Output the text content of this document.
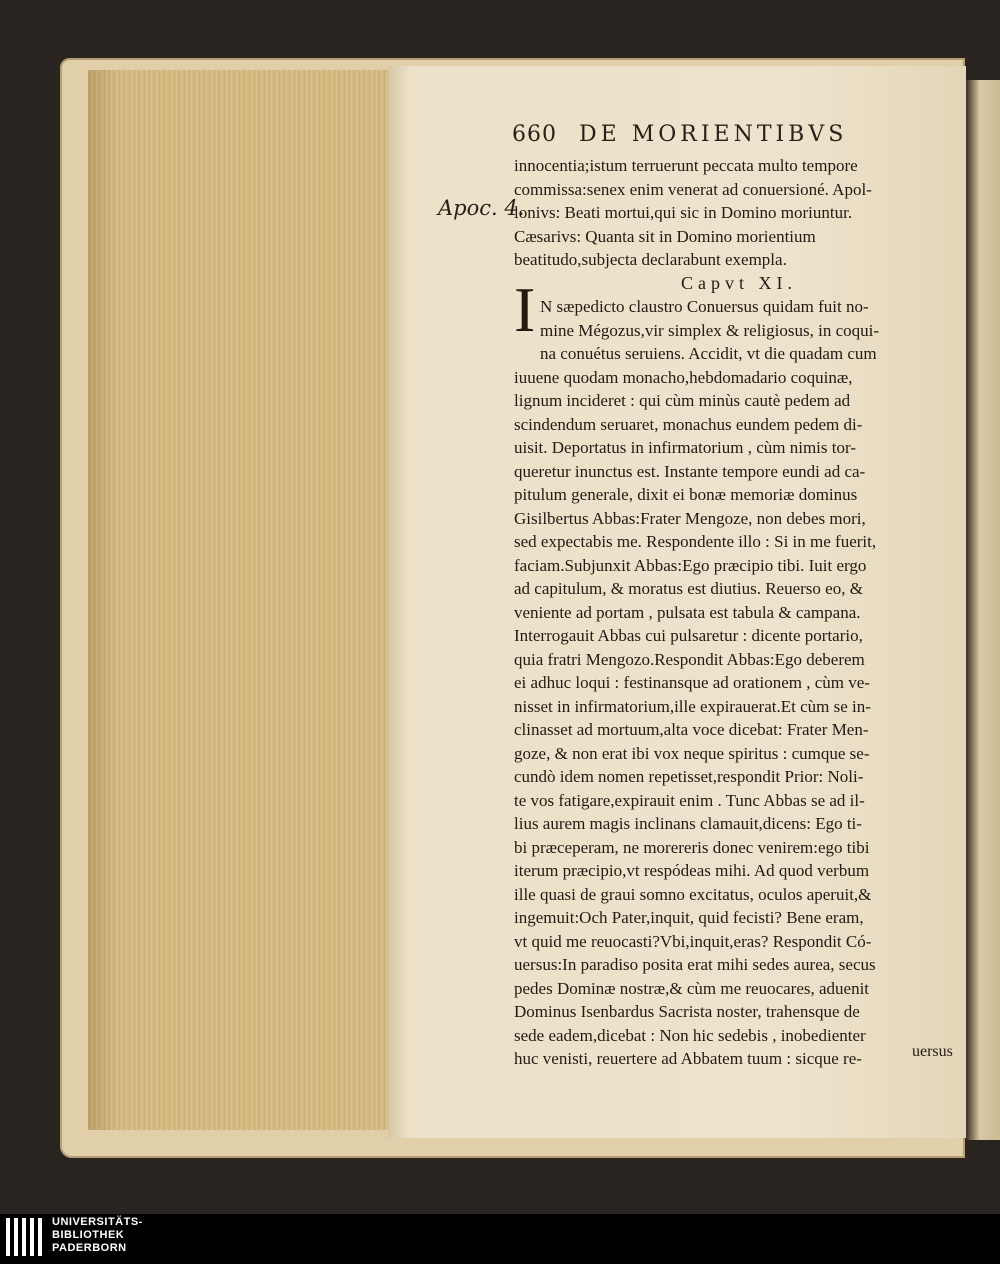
660 DE MORIENTIBVS
Apoc. 4.
innocentia;istum terruerunt peccata multo tempore
commissa:senex enim venerat ad conuersioné. Apol-
lonivs: Beati mortui,qui sic in Domino moriuntur.
Cæsarivs: Quanta sit in Domino morientium
beatitudo,subjecta declarabunt exempla.
Capvt XI.
N sæpedicto claustro Conuersus quidam fuit no-
mine Mégozus,vir simplex & religiosus, in coqui-
na conuétus seruiens. Accidit, vt die quadam cum
iuuene quodam monacho,hebdomadario coquinæ,
lignum incideret : qui cùm minùs cautè pedem ad
scindendum seruaret, monachus eundem pedem di-
uisit. Deportatus in infirmatorium , cùm nimis tor-
queretur inunctus est. Instante tempore eundi ad ca-
pitulum generale, dixit ei bonæ memoriæ dominus
Gisilbertus Abbas:Frater Mengoze, non debes mori,
sed expectabis me. Respondente illo : Si in me fuerit,
faciam.Subjunxit Abbas:Ego præcipio tibi. Iuit ergo
ad capitulum, & moratus est diutius. Reuerso eo, &
veniente ad portam , pulsata est tabula & campana.
Interrogauit Abbas cui pulsaretur : dicente portario,
quia fratri Mengozo.Respondit Abbas:Ego deberem
ei adhuc loqui : festinansque ad orationem , cùm ve-
nisset in infirmatorium,ille expirauerat.Et cùm se in-
clinasset ad mortuum,alta voce dicebat: Frater Men-
goze, & non erat ibi vox neque spiritus : cumque se-
cundò idem nomen repetisset,respondit Prior: Noli-
te vos fatigare,expirauit enim . Tunc Abbas se ad il-
lius aurem magis inclinans clamauit,dicens: Ego ti-
bi præceperam, ne morereris donec venirem:ego tibi
iterum præcipio,vt respódeas mihi. Ad quod verbum
ille quasi de graui somno excitatus, oculos aperuit,&
ingemuit:Och Pater,inquit, quid fecisti? Bene eram,
vt quid me reuocasti?Vbi,inquit,eras? Respondit Có-
uersus:In paradiso posita erat mihi sedes aurea, secus
pedes Dominæ nostræ,& cùm me reuocares, aduenit
Dominus Isenbardus Sacrista noster, trahensque de
sede eadem,dicebat : Non hic sedebis , inobedienter
huc venisti, reuertere ad Abbatem tuum : sicque re-
I
uersus
UNIVERSITÄTS-
BIBLIOTHEK
PADERBORN
